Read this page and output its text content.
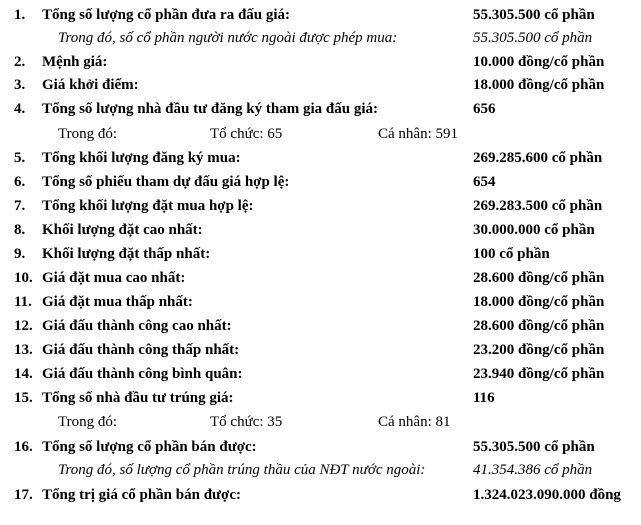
1. Tổng số lượng cổ phần đưa ra đấu giá:	55.305.500 cổ phần
Trong đó, số cổ phần người nước ngoài được phép mua:	55.305.500 cổ phần
2. Mệnh giá:	10.000 đồng/cổ phần
3. Giá khởi điểm:	18.000 đồng/cổ phần
4. Tổng số lượng nhà đầu tư đăng ký tham gia đấu giá:	656
Trong đó:	Tổ chức: 65	Cá nhân: 591
5. Tổng khối lượng đăng ký mua:	269.285.600 cổ phần
6. Tổng số phiếu tham dự đấu giá hợp lệ:	654
7. Tổng khối lượng đặt mua hợp lệ:	269.283.500 cổ phần
8. Khối lượng đặt cao nhất:	30.000.000 cổ phần
9. Khối lượng đặt thấp nhất:	100 cổ phần
10. Giá đặt mua cao nhất:	28.600 đồng/cổ phần
11. Giá đặt mua thấp nhất:	18.000 đồng/cổ phần
12. Giá đấu thành công cao nhất:	28.600 đồng/cổ phần
13. Giá đấu thành công thấp nhất:	23.200 đồng/cổ phần
14. Giá đấu thành công bình quân:	23.940 đồng/cổ phần
15. Tổng số nhà đầu tư trúng giá:	116
Trong đó:	Tổ chức: 35	Cá nhân: 81
16. Tổng số lượng cổ phần bán được:	55.305.500 cổ phần
Trong đó, số lượng cổ phần trúng thầu của NĐT nước ngoài:	41.354.386 cổ phần
17. Tổng trị giá cổ phần bán được:	1.324.023.090.000 đồng
